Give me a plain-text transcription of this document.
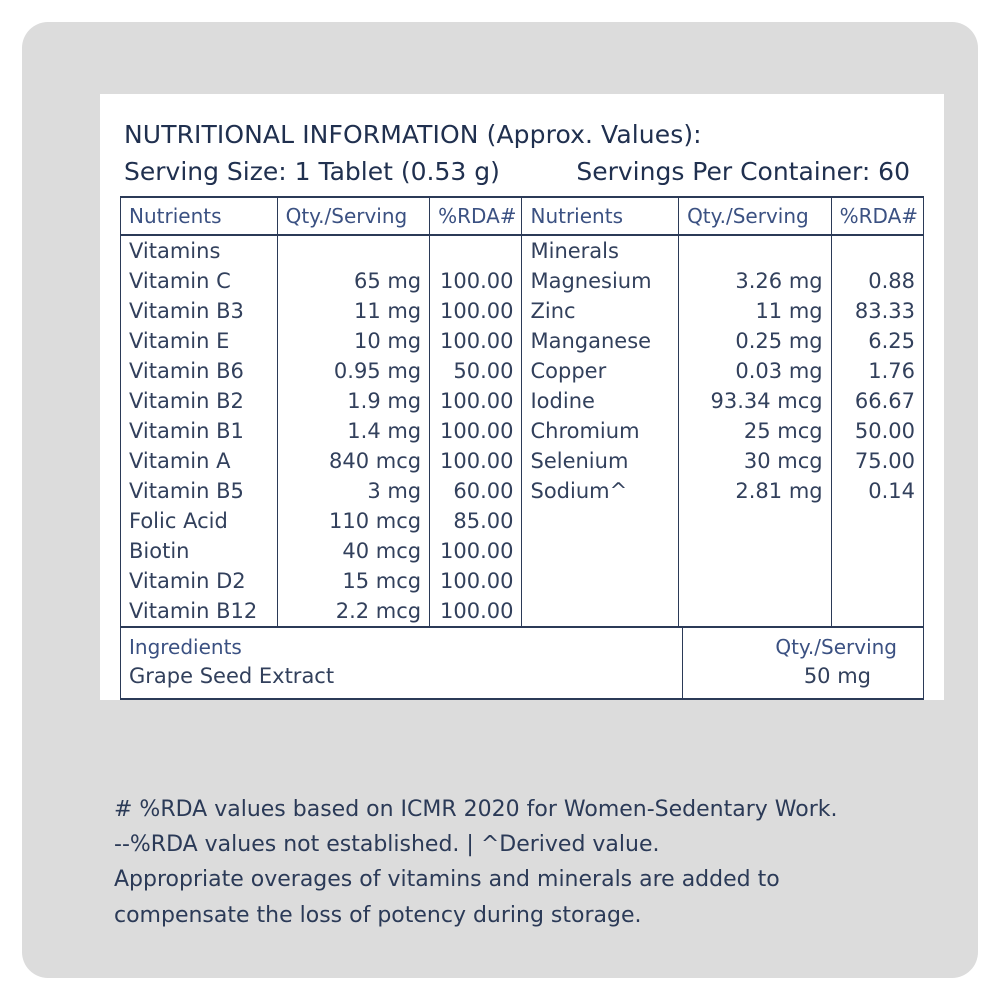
NUTRITIONAL INFORMATION (Approx. Values):
Serving Size: 1 Tablet (0.53 g)	Servings Per Container: 60
Nutrients	Qty./Serving	%RDA#	Nutrients	Qty./Serving	%RDA#
Vitamins			Minerals		
Vitamin C	65 mg	100.00	Magnesium	3.26 mg	0.88
Vitamin B3	11 mg	100.00	Zinc	11 mg	83.33
Vitamin E	10 mg	100.00	Manganese	0.25 mg	6.25
Vitamin B6	0.95 mg	50.00	Copper	0.03 mg	1.76
Vitamin B2	1.9 mg	100.00	Iodine	93.34 mcg	66.67
Vitamin B1	1.4 mg	100.00	Chromium	25 mcg	50.00
Vitamin A	840 mcg	100.00	Selenium	30 mcg	75.00
Vitamin B5	3 mg	60.00	Sodium^	2.81 mg	0.14
Folic Acid	110 mcg	85.00			
Biotin	40 mcg	100.00			
Vitamin D2	15 mcg	100.00			
Vitamin B12	2.2 mcg	100.00			
Ingredients	Qty./Serving
Grape Seed Extract	50 mg

# %RDA values based on ICMR 2020 for Women-Sedentary Work.

--%RDA values not established. | ^Derived value.

Appropriate overages of vitamins and minerals are added to

compensate the loss of potency during storage.
